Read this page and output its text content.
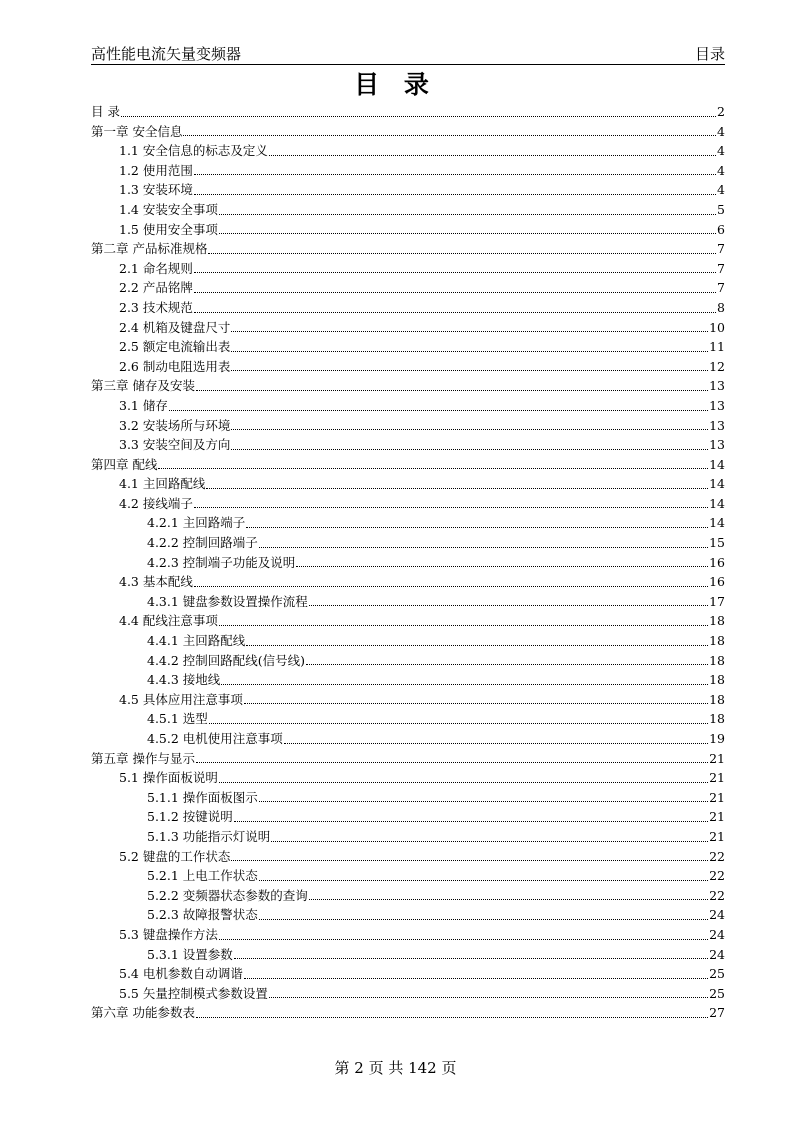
高性能电流矢量变频器	目录
目 录
目 录	2
第一章 安全信息	4
1.1 安全信息的标志及定义	4
1.2 使用范围	4
1.3 安装环境	4
1.4 安装安全事项	5
1.5 使用安全事项	6
第二章 产品标准规格	7
2.1 命名规则	7
2.2 产品铭牌	7
2.3 技术规范	8
2.4 机箱及键盘尺寸	10
2.5 额定电流输出表	11
2.6 制动电阻选用表	12
第三章 储存及安装	13
3.1 储存	13
3.2 安装场所与环境	13
3.3 安装空间及方向	13
第四章 配线	14
4.1 主回路配线	14
4.2 接线端子	14
4.2.1 主回路端子	14
4.2.2 控制回路端子	15
4.2.3 控制端子功能及说明	16
4.3 基本配线	16
4.3.1 键盘参数设置操作流程	17
4.4 配线注意事项	18
4.4.1 主回路配线	18
4.4.2 控制回路配线(信号线)	18
4.4.3 接地线	18
4.5 具体应用注意事项	18
4.5.1 选型	18
4.5.2 电机使用注意事项	19
第五章 操作与显示	21
5.1 操作面板说明	21
5.1.1 操作面板图示	21
5.1.2 按键说明	21
5.1.3 功能指示灯说明	21
5.2 键盘的工作状态	22
5.2.1 上电工作状态	22
5.2.2 变频器状态参数的查询	22
5.2.3 故障报警状态	24
5.3 键盘操作方法	24
5.3.1 设置参数	24
5.4 电机参数自动调谐	25
5.5 矢量控制模式参数设置	25
第六章 功能参数表	27
第 2 页 共 142 页
